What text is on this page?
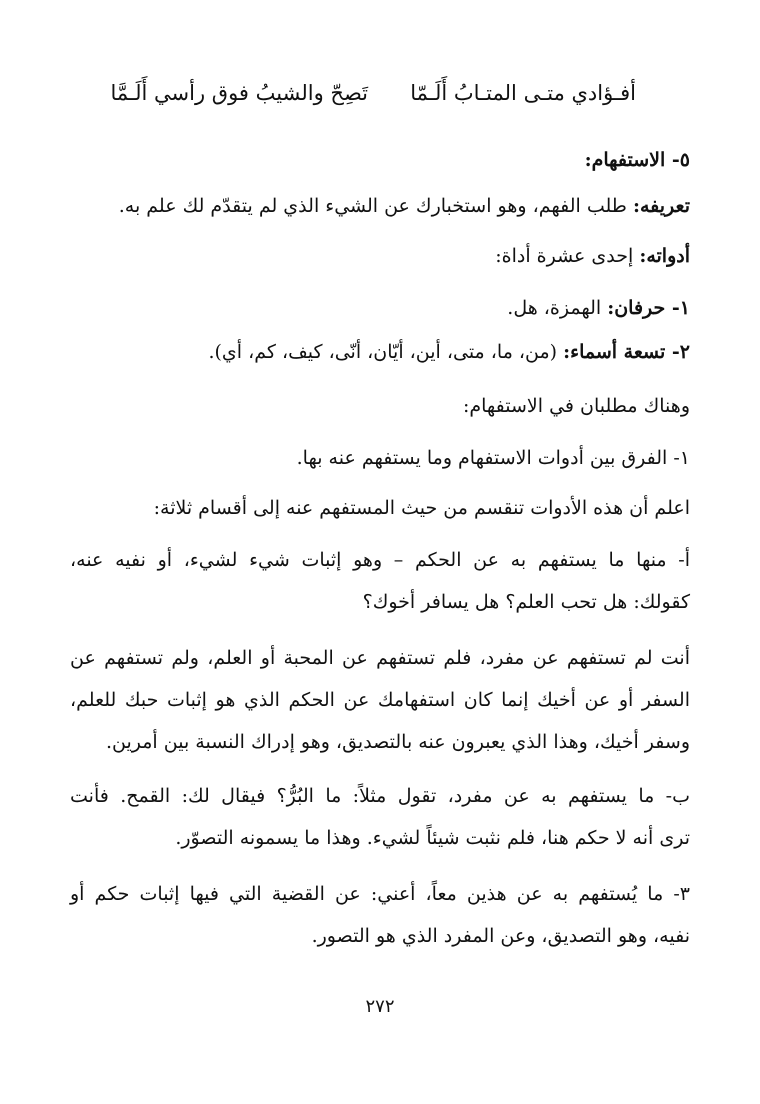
أفـؤادي متـى المتـابُ أَلَـمّا
تَصِحّ والشيبُ فوق رأسي أَلَـمَّا
٥- الاستفهام:
تعريفه: طلب الفهم، وهو استخبارك عن الشيء الذي لم يتقدّم لك علم به.
أدواته: إحدى عشرة أداة:
١- حرفان: الهمزة، هل.
٢- تسعة أسماء: (من، ما، متى، أين، أيّان، أنّى، كيف، كم، أي).
وهناك مطلبان في الاستفهام:
١- الفرق بين أدوات الاستفهام وما يستفهم عنه بها.
اعلم أن هذه الأدوات تنقسم من حيث المستفهم عنه إلى أقسام ثلاثة:
أ- منها ما يستفهم به عن الحكم – وهو إثبات شيء لشيء، أو نفيه عنه،
كقولك: هل تحب العلم؟ هل يسافر أخوك؟
أنت لم تستفهم عن مفرد، فلم تستفهم عن المحبة أو العلم، ولم تستفهم عن
السفر أو عن أخيك إنما كان استفهامك عن الحكم الذي هو إثبات حبك للعلم،
وسفر أخيك، وهذا الذي يعبرون عنه بالتصديق، وهو إدراك النسبة بين أمرين.
ب- ما يستفهم به عن مفرد، تقول مثلاً: ما البُرُّ؟ فيقال لك: القمح. فأنت
ترى أنه لا حكم هنا، فلم نثبت شيئاً لشيء. وهذا ما يسمونه التصوّر.
٣- ما يُستفهم به عن هذين معاً، أعني: عن القضية التي فيها إثبات حكم أو
نفيه، وهو التصديق، وعن المفرد الذي هو التصور.
٢٧٢
